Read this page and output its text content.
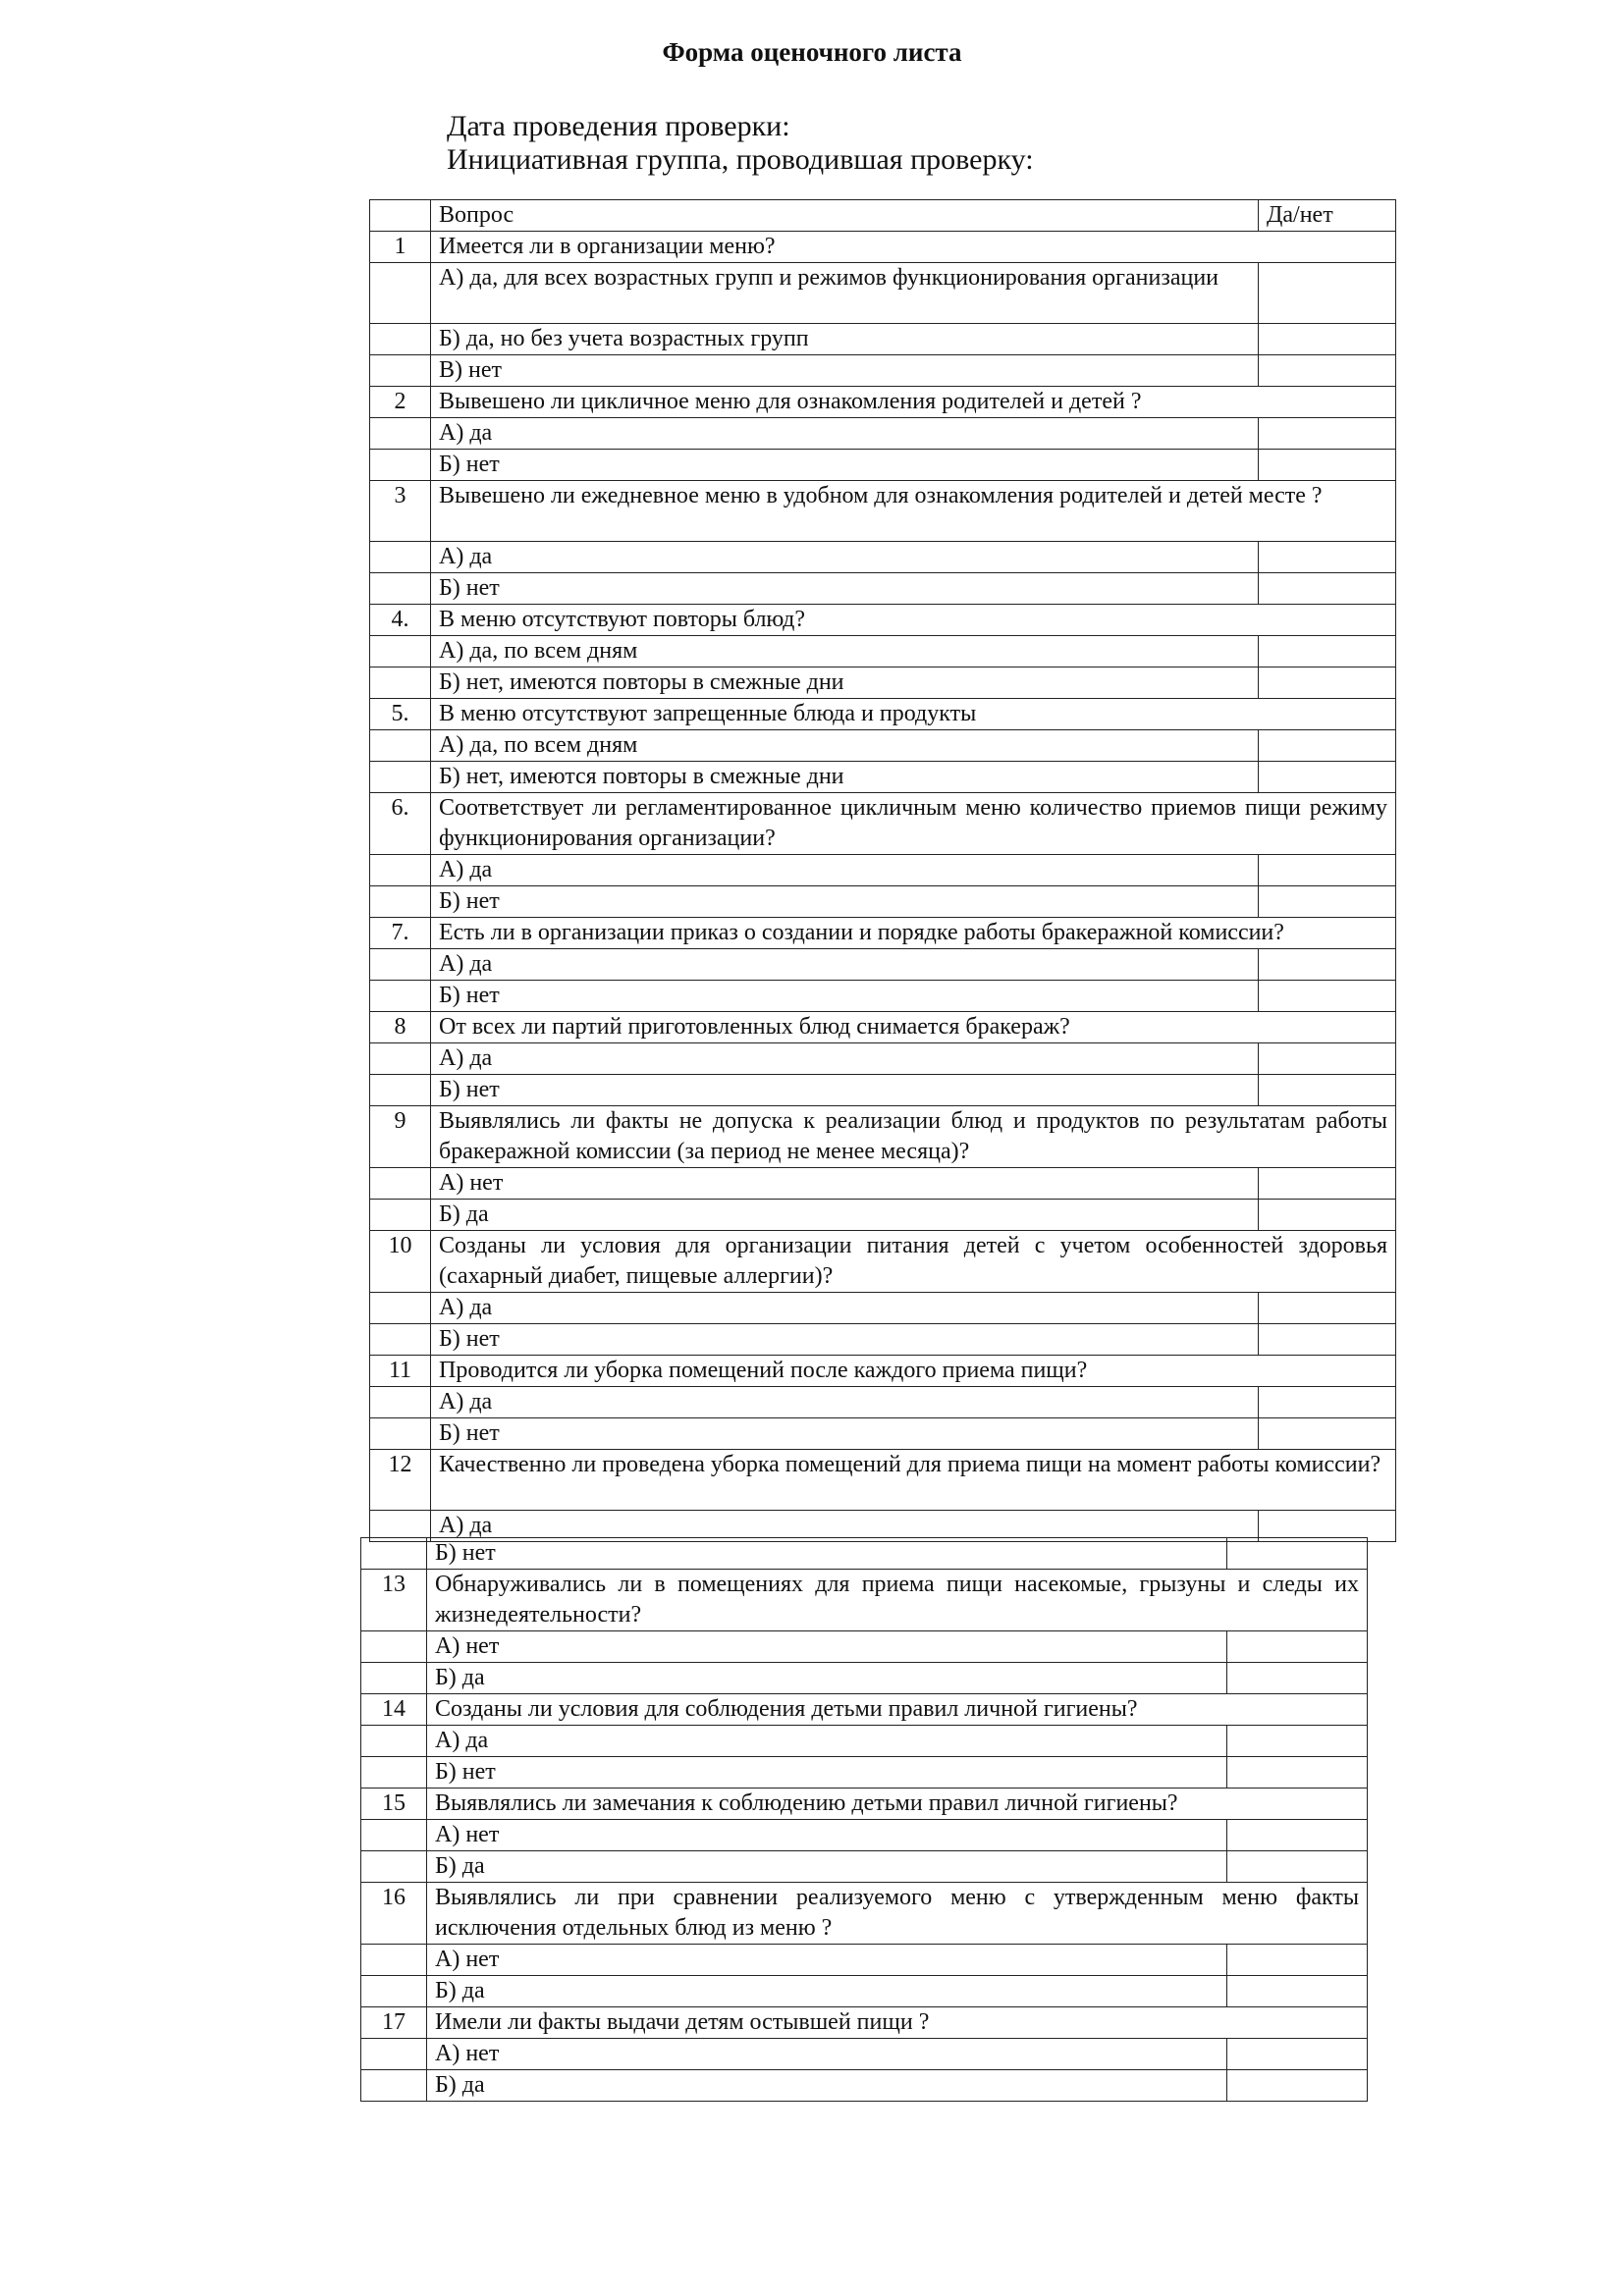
Форма оценочного листа
Дата проведения проверки:
Инициативная группа, проводившая проверку:
	Вопрос	Да/нет
1	Имеется ли в организации меню?	
	А) да, для всех возрастных групп и режимов функционирования организации	
	Б) да, но без учета возрастных групп	
	В) нет	
2	Вывешено ли цикличное меню для ознакомления родителей и детей ?	
	А) да	
	Б) нет	
3	Вывешено ли ежедневное меню в удобном для ознакомления родителей и детей месте ?	
	А) да	
	Б) нет	
4.	В меню отсутствуют повторы блюд?	
	А) да, по всем дням	
	Б) нет, имеются повторы в смежные дни	
5.	В меню отсутствуют запрещенные блюда и продукты	
	А) да, по всем дням	
	Б) нет, имеются повторы в смежные дни	
6.	Соответствует ли регламентированное цикличным меню количество приемов пищи режиму функционирования организации?	
	А) да	
	Б) нет	
7.	Есть ли в организации приказ о создании и порядке работы бракеражной комиссии?	
	А) да	
	Б) нет	
8	От всех ли партий приготовленных блюд снимается бракераж?	
	А) да	
	Б) нет	
9	Выявлялись ли факты не допуска к реализации блюд и продуктов по результатам работы бракеражной комиссии (за период не менее месяца)?	
	А) нет	
	Б) да	
10	Созданы ли условия для организации питания детей с учетом особенностей здоровья (сахарный диабет, пищевые аллергии)?	
	А) да	
	Б) нет	
11	Проводится ли уборка помещений после каждого приема пищи?	
	А) да	
	Б) нет	
12	Качественно ли проведена уборка помещений для приема пищи на момент работы комиссии?	
	А) да	
	Б) нет	
13	Обнаруживались ли в помещениях для приема пищи насекомые, грызуны и следы их жизнедеятельности?	
	А) нет	
	Б) да	
14	Созданы ли условия для соблюдения детьми правил личной гигиены?	
	А) да	
	Б) нет	
15	Выявлялись ли замечания к соблюдению детьми правил личной гигиены?	
	А) нет	
	Б) да	
16	Выявлялись ли при сравнении реализуемого меню с утвержденным меню факты исключения отдельных блюд из меню ?	
	А) нет	
	Б) да	
17	Имели ли факты выдачи детям остывшей пищи ?	
	А) нет	
	Б) да	
